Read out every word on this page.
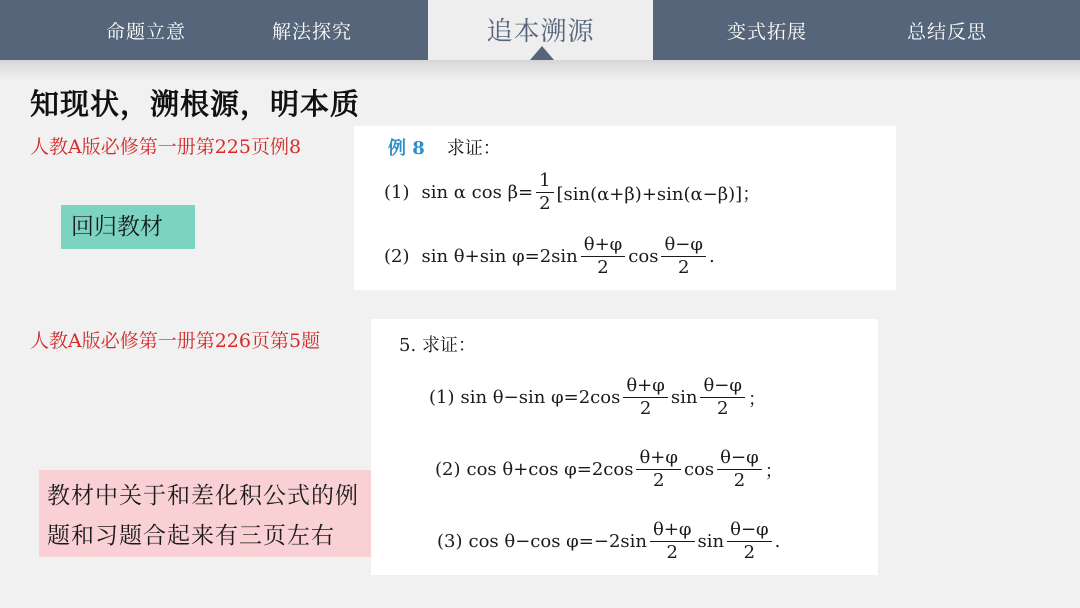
命题立意	解法探究	追本溯源	变式拓展	总结反思
知现状，溯根源，明本质
人教A版必修第一册第225页例8
人教A版必修第一册第226页第5题
回归教材
教材中关于和差化积公式的例
题和习题合起来有三页左右
例 8 求证：
(1) sin α $\cos \beta= \frac{1}{2} [\sin(\alpha+\beta)+\sin(\alpha-\beta)]$；
(2) sin θ+sin $\varphi=2\sin \frac{\theta+\varphi}{2}$ $\cos \frac{\theta-\varphi}{2}$ .
5. 求证：
(1) sin θ−sin $\varphi=2\cos \frac{\theta+\varphi}{2}$ $\sin \frac{\theta-\varphi}{2}$ ；
(2) cos θ+cos $\varphi=2\cos \frac{\theta+\varphi}{2}$ $\cos \frac{\theta-\varphi}{2}$ ；
(3) cos θ−cos $\varphi=-2\sin \frac{\theta+\varphi}{2}$ $\sin \frac{\theta-\varphi}{2}$ .
